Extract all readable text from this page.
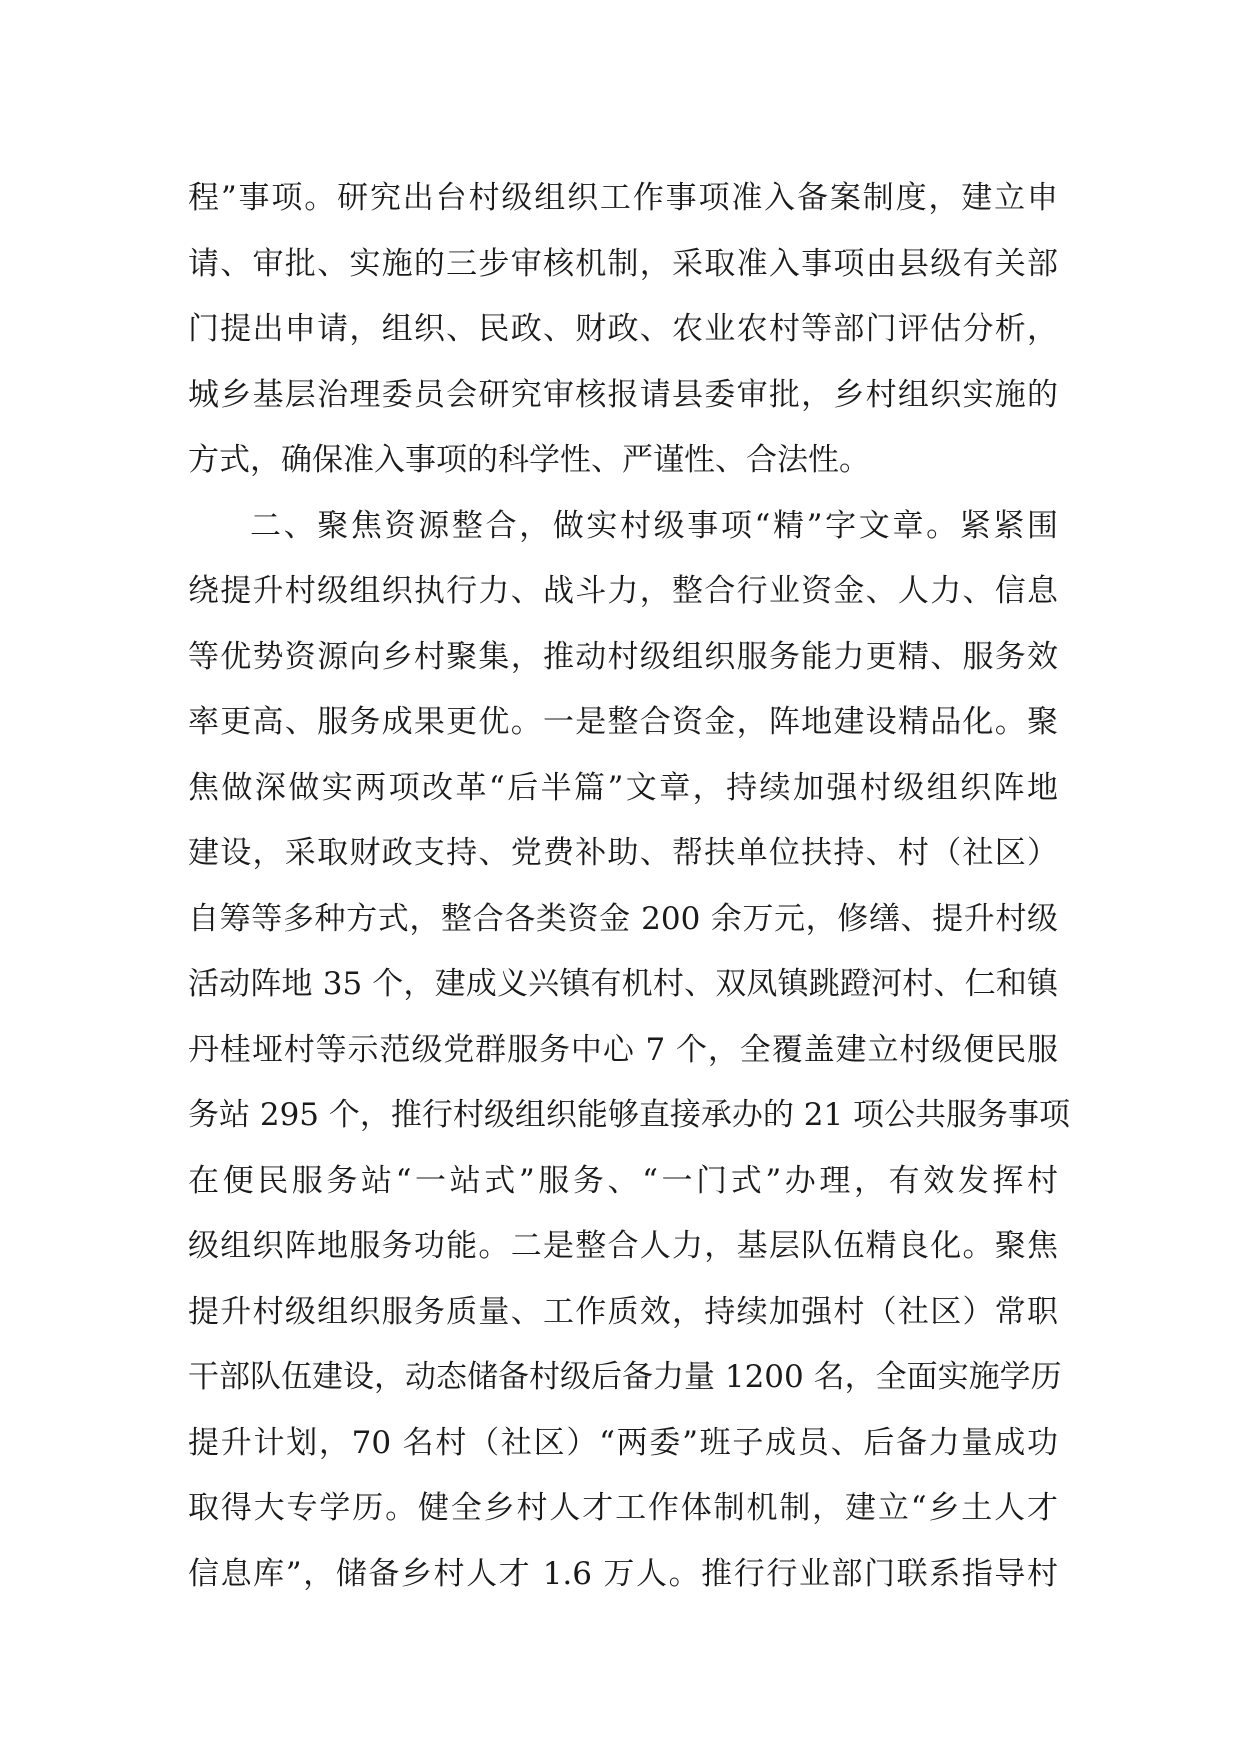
程”事项。研究出台村级组织工作事项准入备案制度，建立申
请、审批、实施的三步审核机制，采取准入事项由县级有关部
门提出申请，组织、民政、财政、农业农村等部门评估分析，
城乡基层治理委员会研究审核报请县委审批，乡村组织实施的
方式，确保准入事项的科学性、严谨性、合法性。
二、聚焦资源整合，做实村级事项“精”字文章。紧紧围
绕提升村级组织执行力、战斗力，整合行业资金、人力、信息
等优势资源向乡村聚集，推动村级组织服务能力更精、服务效
率更高、服务成果更优。一是整合资金，阵地建设精品化。聚
焦做深做实两项改革“后半篇”文章，持续加强村级组织阵地
建设，采取财政支持、党费补助、帮扶单位扶持、村（社区）
自筹等多种方式，整合各类资金 200 余万元，修缮、提升村级
活动阵地 35 个，建成义兴镇有机村、双凤镇跳蹬河村、仁和镇
丹桂垭村等示范级党群服务中心 7 个，全覆盖建立村级便民服
务站 295 个，推行村级组织能够直接承办的 21 项公共服务事项
在便民服务站“一站式”服务、“一门式”办理，有效发挥村
级组织阵地服务功能。二是整合人力，基层队伍精良化。聚焦
提升村级组织服务质量、工作质效，持续加强村（社区）常职
干部队伍建设，动态储备村级后备力量 1200 名，全面实施学历
提升计划，70 名村（社区）“两委”班子成员、后备力量成功
取得大专学历。健全乡村人才工作体制机制，建立“乡土人才
信息库”，储备乡村人才 1.6 万人。推行行业部门联系指导村
